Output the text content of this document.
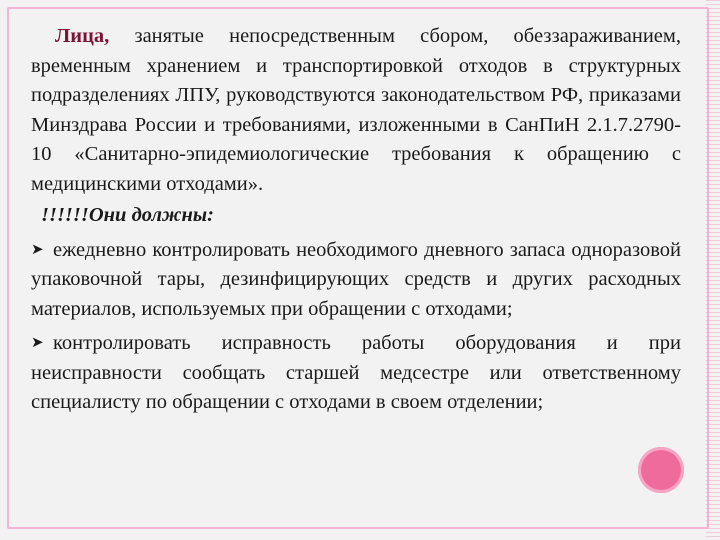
Лица, занятые непосредственным сбором, обеззараживанием, временным хранением и транспортировкой отходов в структурных подразделениях ЛПУ, руководствуются законодательством РФ, приказами Минздрава России и требованиями, изложенными в СанПиН 2.1.7.2790-10 «Санитарно-эпидемиологические требования к обращению с медицинскими отходами».

!!!!!!Они должны:

➤ ежедневно контролировать необходимого дневного запаса одноразовой упаковочной тары, дезинфицирующих средств и других расходных материалов, используемых при обращении с отходами;

➤ контролировать исправность работы оборудования и при неисправности сообщать старшей медсестре или ответственному специалисту по обращении с отходами в своем отделении;
